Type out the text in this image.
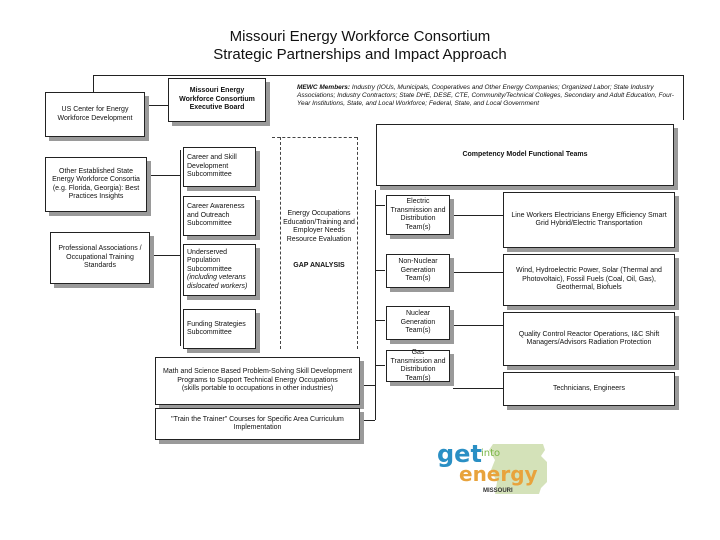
Missouri Energy Workforce Consortium
Strategic Partnerships and Impact Approach
US Center for Energy Workforce Development
Other Established State Energy Workforce Consortia (e.g. Florida, Georgia): Best Practices Insights
Professional Associations / Occupational Training Standards
Missouri Energy Workforce Consortium Executive Board
MEWC Members: Industry (IOUs, Municipals, Cooperatives and Other Energy Companies; Organized Labor; State Industry Associations; Industry Contractors; State DHE, DESE, CTE, Community/Technical Colleges, Secondary and Adult Education, Four-Year Institutions, State, and Local Workforce; Federal, State, and Local Government
Career and Skill Development Subcommittee
Career Awareness and Outreach Subcommittee
Underserved Population Subcommittee
(including veterans dislocated workers)
Funding Strategies Subcommittee
Energy Occupations Education/Training and Employer Needs Resource Evaluation
GAP ANALYSIS
Competency Model Functional Teams
Electric Transmission and Distribution Team(s)
Non-Nuclear Generation Team(s)
Nuclear Generation Team(s)
Gas Transmission and Distribution Team(s)
Line Workers Electricians Energy Efficiency Smart Grid Hybrid/Electric Transportation
Wind, Hydroelectric Power, Solar (Thermal and Photovoltaic), Fossil Fuels (Coal, Oil, Gas), Geothermal, Biofuels
Quality Control Reactor Operations, I&C Shift Managers/Advisors Radiation Protection
Technicians, Engineers
Math and Science Based Problem-Solving Skill Development Programs to Support Technical Energy Occupations
(skills portable to occupations in other industries)
"Train the Trainer" Courses for Specific Area Curriculum Implementation
get into
energy
MISSOURI
